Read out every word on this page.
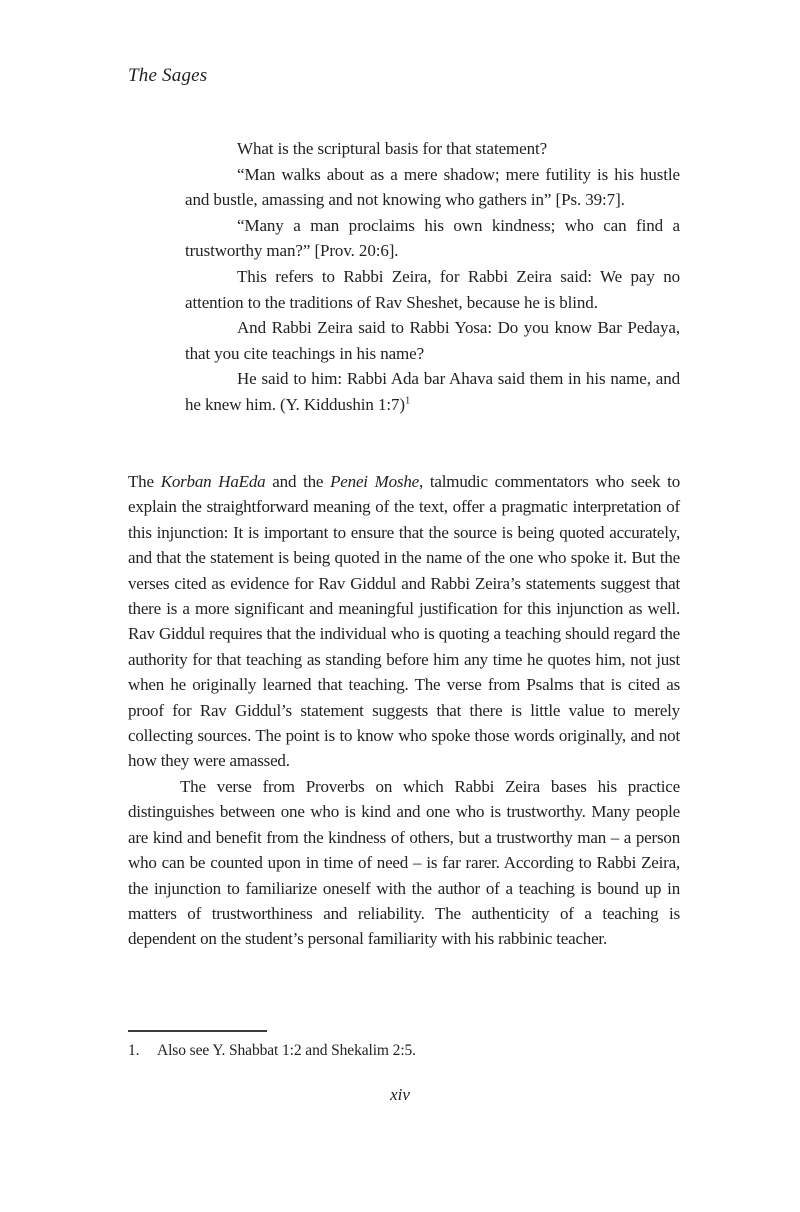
The Sages

What is the scriptural basis for that statement?

“Man walks about as a mere shadow; mere futility is his hustle and bustle, amassing and not knowing who gathers in” [Ps. 39:7].

“Many a man proclaims his own kindness; who can find a trustworthy man?” [Prov. 20:6].

This refers to Rabbi Zeira, for Rabbi Zeira said: We pay no attention to the traditions of Rav Sheshet, because he is blind.

And Rabbi Zeira said to Rabbi Yosa: Do you know Bar Pedaya, that you cite teachings in his name?

He said to him: Rabbi Ada bar Ahava said them in his name, and he knew him. (Y. Kiddushin 1:7)$^1$

The Korban HaEda and the Penei Moshe, talmudic commentators who seek to explain the straightforward meaning of the text, offer a pragmatic interpretation of this injunction: It is important to ensure that the source is being quoted accurately, and that the statement is being quoted in the name of the one who spoke it. But the verses cited as evidence for Rav Giddul and Rabbi Zeira’s statements suggest that there is a more significant and meaningful justification for this injunction as well. Rav Giddul requires that the individual who is quoting a teaching should regard the authority for that teaching as standing before him any time he quotes him, not just when he originally learned that teaching. The verse from Psalms that is cited as proof for Rav Giddul’s statement suggests that there is little value to merely collecting sources. The point is to know who spoke those words originally, and not how they were amassed.

The verse from Proverbs on which Rabbi Zeira bases his practice distinguishes between one who is kind and one who is trustworthy. Many people are kind and benefit from the kindness of others, but a trustworthy man – a person who can be counted upon in time of need – is far rarer. According to Rabbi Zeira, the injunction to familiarize oneself with the author of a teaching is bound up in matters of trustworthiness and reliability. The authenticity of a teaching is dependent on the student’s personal familiarity with his rabbinic teacher.

1.	Also see Y. Shabbat 1:2 and Shekalim 2:5.
xiv
